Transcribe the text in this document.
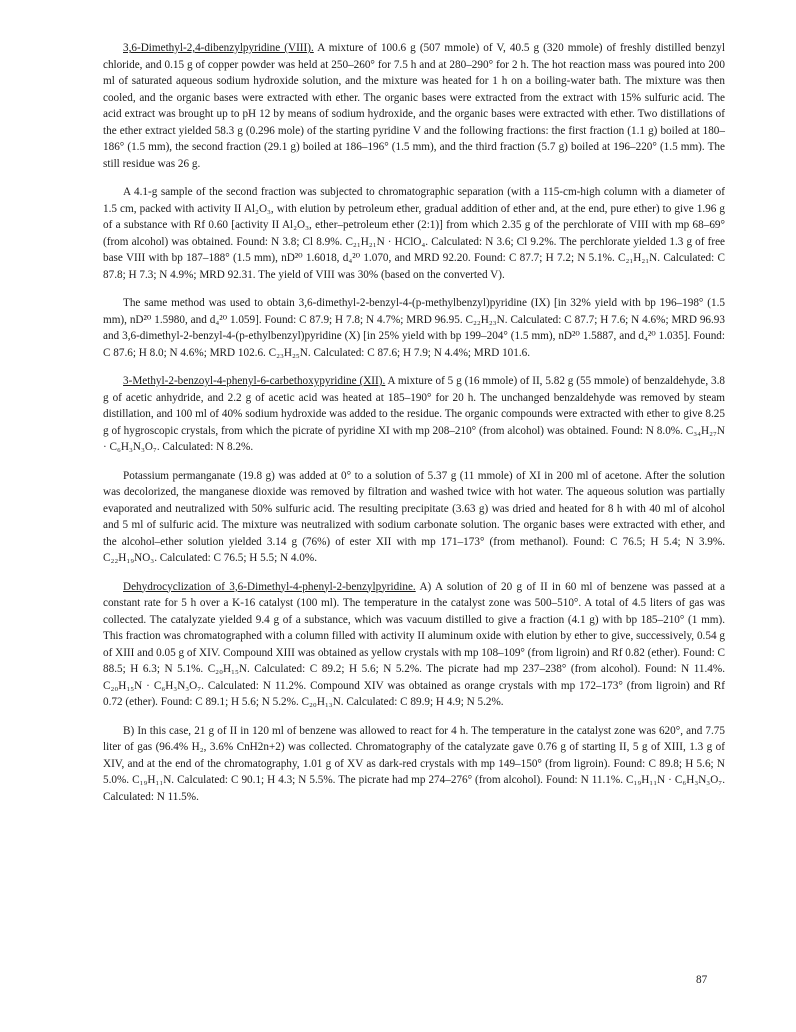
3,6-Dimethyl-2,4-dibenzylpyridine (VIII). A mixture of 100.6 g (507 mmole) of V, 40.5 g (320 mmole) of freshly distilled benzyl chloride, and 0.15 g of copper powder was held at 250–260° for 7.5 h and at 280–290° for 2 h. The hot reaction mass was poured into 200 ml of saturated aqueous sodium hydroxide solution, and the mixture was heated for 1 h on a boiling-water bath. The mixture was then cooled, and the organic bases were extracted with ether. The organic bases were extracted from the extract with 15% sulfuric acid. The acid extract was brought up to pH 12 by means of sodium hydroxide, and the organic bases were extracted with ether. Two distillations of the ether extract yielded 58.3 g (0.296 mole) of the starting pyridine V and the following fractions: the first fraction (1.1 g) boiled at 180–186° (1.5 mm), the second fraction (29.1 g) boiled at 186–196° (1.5 mm), and the third fraction (5.7 g) boiled at 196–220° (1.5 mm). The still residue was 26 g.

A 4.1-g sample of the second fraction was subjected to chromatographic separation (with a 115-cm-high column with a diameter of 1.5 cm, packed with activity II Al₂O₃, with elution by petroleum ether, gradual addition of ether and, at the end, pure ether) to give 1.96 g of a substance with Rf 0.60 [activity II Al₂O₃, ether–petroleum ether (2:1)] from which 2.35 g of the perchlorate of VIII with mp 68–69° (from alcohol) was obtained. Found: N 3.8; Cl 8.9%. C₂₁H₂₁N · HClO₄. Calculated: N 3.6; Cl 9.2%. The perchlorate yielded 1.3 g of free base VIII with bp 187–188° (1.5 mm), nD²⁰ 1.6018, d₄²⁰ 1.070, and MRD 92.20. Found: C 87.7; H 7.2; N 5.1%. C₂₁H₂₁N. Calculated: C 87.8; H 7.3; N 4.9%; MRD 92.31. The yield of VIII was 30% (based on the converted V).

The same method was used to obtain 3,6-dimethyl-2-benzyl-4-(p-methylbenzyl)pyridine (IX) [in 32% yield with bp 196–198° (1.5 mm), nD²⁰ 1.5980, and d₄²⁰ 1.059]. Found: C 87.9; H 7.8; N 4.7%; MRD 96.95. C₂₂H₂₃N. Calculated: C 87.7; H 7.6; N 4.6%; MRD 96.93 and 3,6-dimethyl-2-benzyl-4-(p-ethylbenzyl)pyridine (X) [in 25% yield with bp 199–204° (1.5 mm), nD²⁰ 1.5887, and d₄²⁰ 1.035]. Found: C 87.6; H 8.0; N 4.6%; MRD 102.6. C₂₃H₂₅N. Calculated: C 87.6; H 7.9; N 4.4%; MRD 101.6.

3-Methyl-2-benzoyl-4-phenyl-6-carbethoxypyridine (XII). A mixture of 5 g (16 mmole) of II, 5.82 g (55 mmole) of benzaldehyde, 3.8 g of acetic anhydride, and 2.2 g of acetic acid was heated at 185–190° for 20 h. The unchanged benzaldehyde was removed by steam distillation, and 100 ml of 40% sodium hydroxide was added to the residue. The organic compounds were extracted with ether to give 8.25 g of hygroscopic crystals, from which the picrate of pyridine XI with mp 208–210° (from alcohol) was obtained. Found: N 8.0%. C₃₄H₂₇N · C₆H₃N₃O₇. Calculated: N 8.2%.

Potassium permanganate (19.8 g) was added at 0° to a solution of 5.37 g (11 mmole) of XI in 200 ml of acetone. After the solution was decolorized, the manganese dioxide was removed by filtration and washed twice with hot water. The aqueous solution was partially evaporated and neutralized with 50% sulfuric acid. The resulting precipitate (3.63 g) was dried and heated for 8 h with 40 ml of alcohol and 5 ml of sulfuric acid. The mixture was neutralized with sodium carbonate solution. The organic bases were extracted with ether, and the alcohol–ether solution yielded 3.14 g (76%) of ester XII with mp 171–173° (from methanol). Found: C 76.5; H 5.4; N 3.9%. C₂₂H₁₉NO₃. Calculated: C 76.5; H 5.5; N 4.0%.

Dehydrocyclization of 3,6-Dimethyl-4-phenyl-2-benzylpyridine. A) A solution of 20 g of II in 60 ml of benzene was passed at a constant rate for 5 h over a K-16 catalyst (100 ml). The temperature in the catalyst zone was 500–510°. A total of 4.5 liters of gas was collected. The catalyzate yielded 9.4 g of a substance, which was vacuum distilled to give a fraction (4.1 g) with bp 185–210° (1 mm). This fraction was chromatographed with a column filled with activity II aluminum oxide with elution by ether to give, successively, 0.54 g of XIII and 0.05 g of XIV. Compound XIII was obtained as yellow crystals with mp 108–109° (from ligroin) and Rf 0.82 (ether). Found: C 88.5; H 6.3; N 5.1%. C₂₀H₁₅N. Calculated: C 89.2; H 5.6; N 5.2%. The picrate had mp 237–238° (from alcohol). Found: N 11.4%. C₂₀H₁₅N · C₆H₃N₃O₇. Calculated: N 11.2%. Compound XIV was obtained as orange crystals with mp 172–173° (from ligroin) and Rf 0.72 (ether). Found: C 89.1; H 5.6; N 5.2%. C₂₀H₁₃N. Calculated: C 89.9; H 4.9; N 5.2%.

B) In this case, 21 g of II in 120 ml of benzene was allowed to react for 4 h. The temperature in the catalyst zone was 620°, and 7.75 liter of gas (96.4% H₂, 3.6% CnH2n+2) was collected. Chromatography of the catalyzate gave 0.76 g of starting II, 5 g of XIII, 1.3 g of XIV, and at the end of the chromatography, 1.01 g of XV as dark-red crystals with mp 149–150° (from ligroin). Found: C 89.8; H 5.6; N 5.0%. C₁₉H₁₁N. Calculated: C 90.1; H 4.3; N 5.5%. The picrate had mp 274–276° (from alcohol). Found: N 11.1%. C₁₉H₁₁N · C₆H₃N₃O₇. Calculated: N 11.5%.

87
